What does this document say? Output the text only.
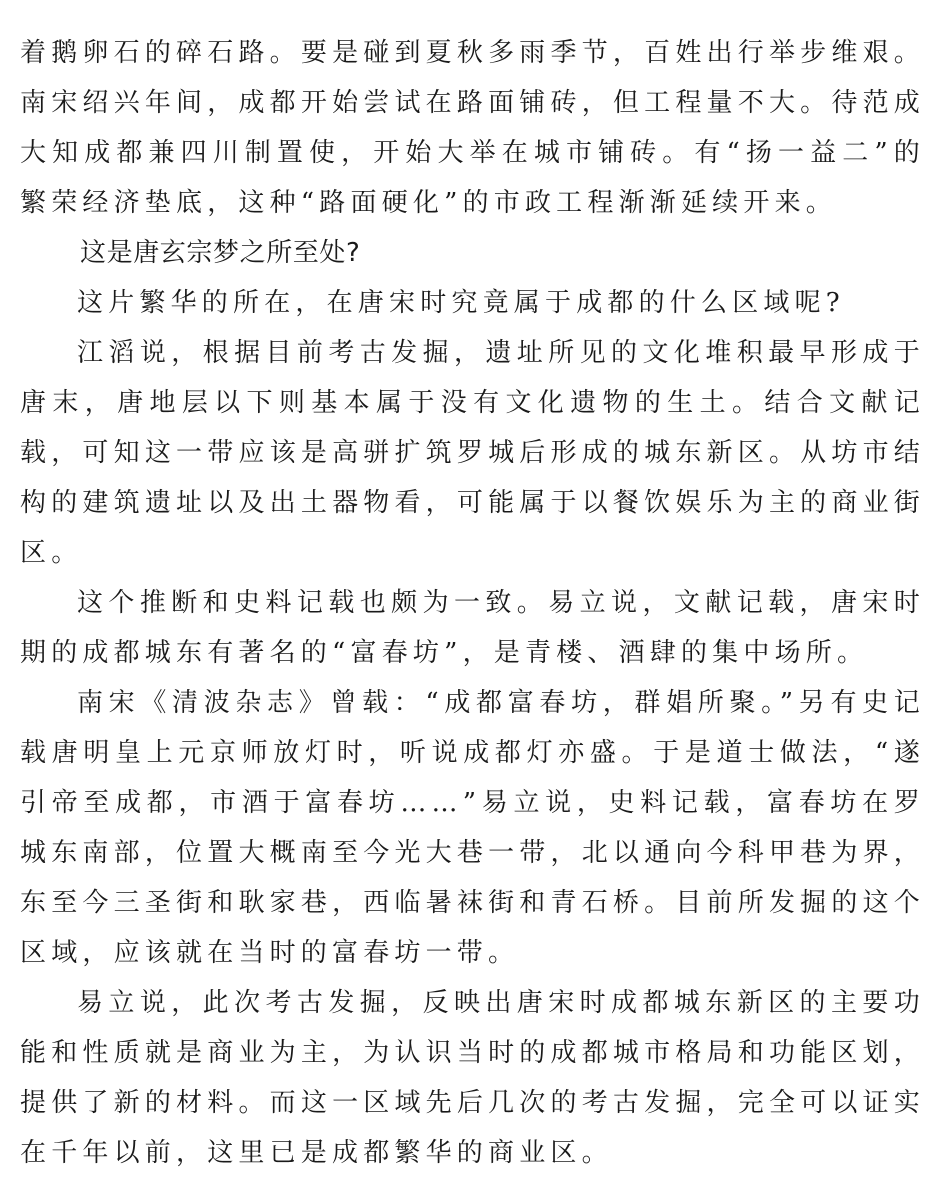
着鹅卵石的碎石路。要是碰到夏秋多雨季节，百姓出行举步维艰。南宋绍兴年间，成都开始尝试在路面铺砖，但工程量不大。待范成大知成都兼四川制置使，开始大举在城市铺砖。有“扬一益二”的繁荣经济垫底，这种“路面硬化”的市政工程渐渐延续开来。

这是唐玄宗梦之所至处?

这片繁华的所在，在唐宋时究竟属于成都的什么区域呢?

江滔说，根据目前考古发掘，遗址所见的文化堆积最早形成于唐末，唐地层以下则基本属于没有文化遗物的生土。结合文献记载，可知这一带应该是高骈扩筑罗城后形成的城东新区。从坊市结构的建筑遗址以及出土器物看，可能属于以餐饮娱乐为主的商业街区。

这个推断和史料记载也颇为一致。易立说，文献记载，唐宋时期的成都城东有著名的“富春坊”，是青楼、酒肆的集中场所。

南宋《清波杂志》曾载：“成都富春坊，群娼所聚。”另有史记载唐明皇上元京师放灯时，听说成都灯亦盛。于是道士做法，“遂引帝至成都，市酒于富春坊……”易立说，史料记载，富春坊在罗城东南部，位置大概南至今光大巷一带，北以通向今科甲巷为界，东至今三圣街和耿家巷，西临暑袜街和青石桥。目前所发掘的这个区域，应该就在当时的富春坊一带。

易立说，此次考古发掘，反映出唐宋时成都城东新区的主要功能和性质就是商业为主，为认识当时的成都城市格局和功能区划，提供了新的材料。而这一区域先后几次的考古发掘，完全可以证实在千年以前，这里已是成都繁华的商业区。
